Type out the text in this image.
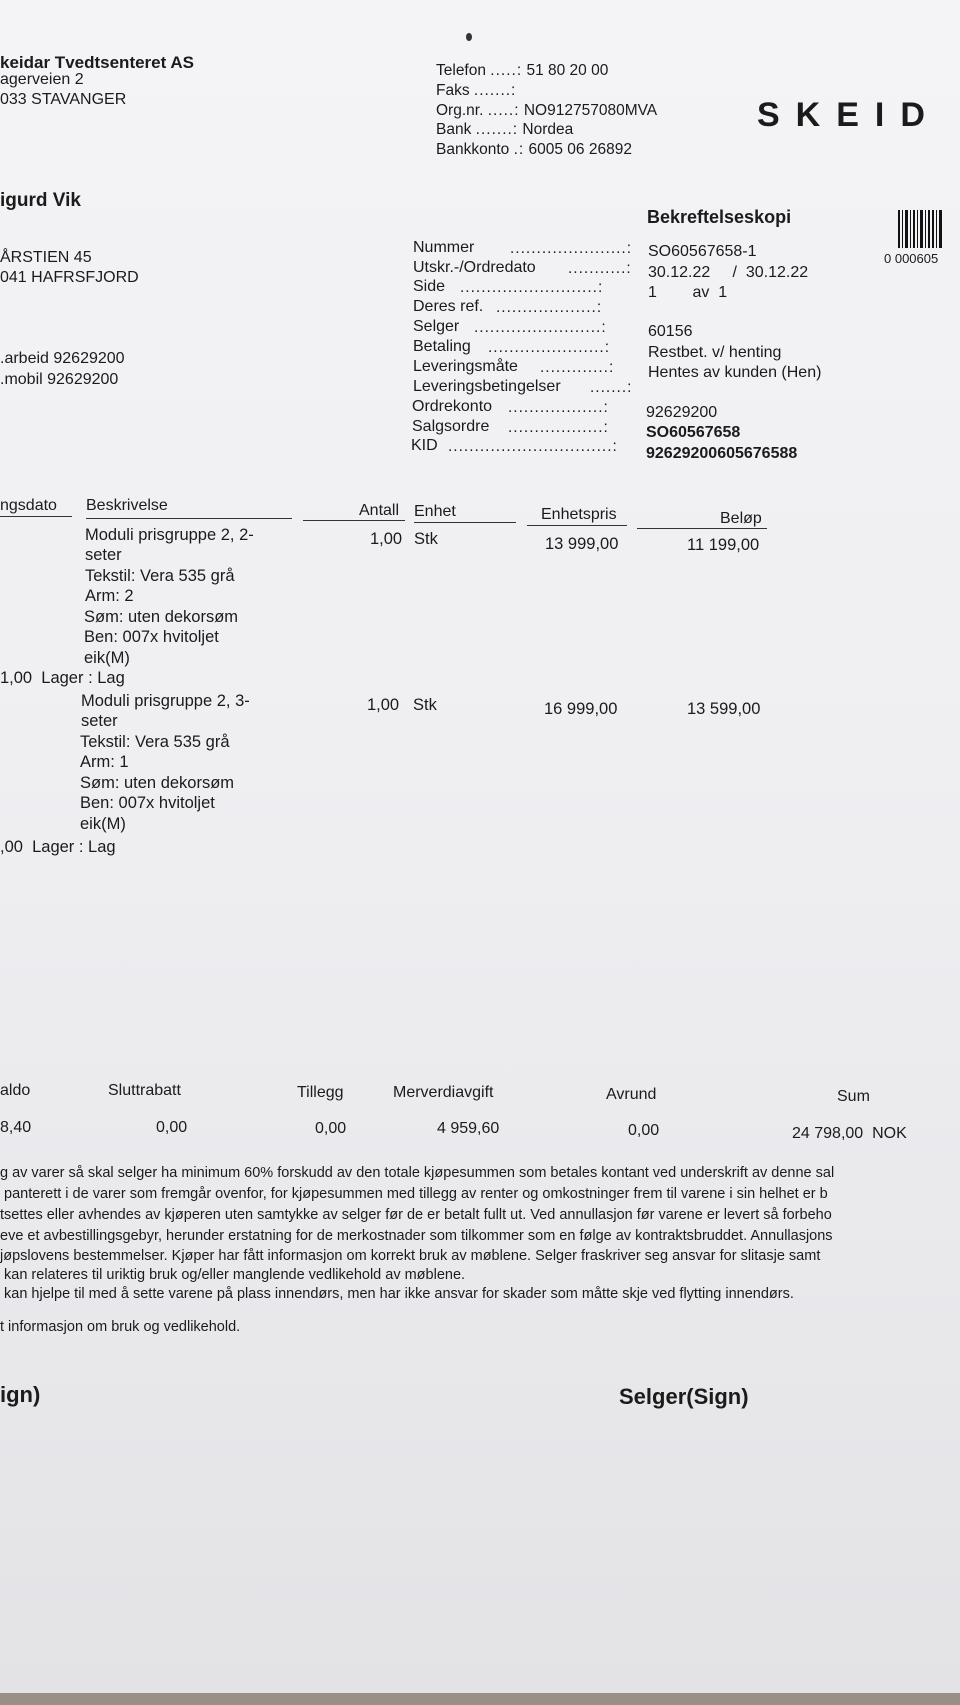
keidar Tvedtsenteret AS
agerveien 2
033 STAVANGER
Telefon .....: 51 80 20 00
Faks .......:
Org.nr. .....: NO912757080MVA
Bank .......: Nordea
Bankkonto .: 6005 06 26892
SKEID
igurd Vik
Bekreftelseskopi
0 000605
ÅRSTIEN 45
041 HAFRSFJORD
.arbeid 92629200
.mobil 92629200
Nummer ......................: SO60567658-1
Utskr.-/Ordredato ...........: 30.12.22     /  30.12.22
Side ..........................:	1        av  1
Deres ref. ...................:
Selger ........................:	60156
Betaling ......................: Restbet. v/ henting
Leveringsmåte .............: Hentes av kunden (Hen)
Leveringsbetingelser .......:
Ordrekonto ..................: 92629200
Salgsordre ..................: SO60567658
KID ...............................: 92629200605676588
ngsdato Beskrivelse	Antall Enhet	Enhetspris	Beløp
Moduli prisgruppe 2, 2-
seter
Tekstil: Vera 535 grå
Arm: 2
Søm: uten dekorsøm
Ben: 007x hvitoljet
eik(M)
1,00 Stk	13 999,00	11 199,00
1,00  Lager : Lag
Moduli prisgruppe 2, 3-
seter
Tekstil: Vera 535 grå
Arm: 1
Søm: uten dekorsøm
Ben: 007x hvitoljet
eik(M)
1,00 Stk	16 999,00	13 599,00
,00  Lager : Lag
aldo	Sluttrabatt	Tillegg	Merverdiavgift	Avrund	Sum
8,40	0,00	0,00	4 959,60	0,00	24 798,00  NOK
g av varer så skal selger ha minimum 60% forskudd av den totale kjøpesummen som betales kontant ved underskrift av denne sal
panterett i de varer som fremgår ovenfor, for kjøpesummen med tillegg av renter og omkostninger frem til varene i sin helhet er b
tsettes eller avhendes av kjøperen uten samtykke av selger før de er betalt fullt ut. Ved annullasjon før varene er levert så forbeho
eve et avbestillingsgebyr, herunder erstatning for de merkostnader som tilkommer som en følge av kontraktsbruddet. Annullasjons
jøpslovens bestemmelser. Kjøper har fått informasjon om korrekt bruk av møblene. Selger fraskriver seg ansvar for slitasje samt
kan relateres til uriktig bruk og/eller manglende vedlikehold av møblene.
kan hjelpe til med å sette varene på plass innendørs, men har ikke ansvar for skader som måtte skje ved flytting innendørs.
t informasjon om bruk og vedlikehold.
ign)	Selger(Sign)
